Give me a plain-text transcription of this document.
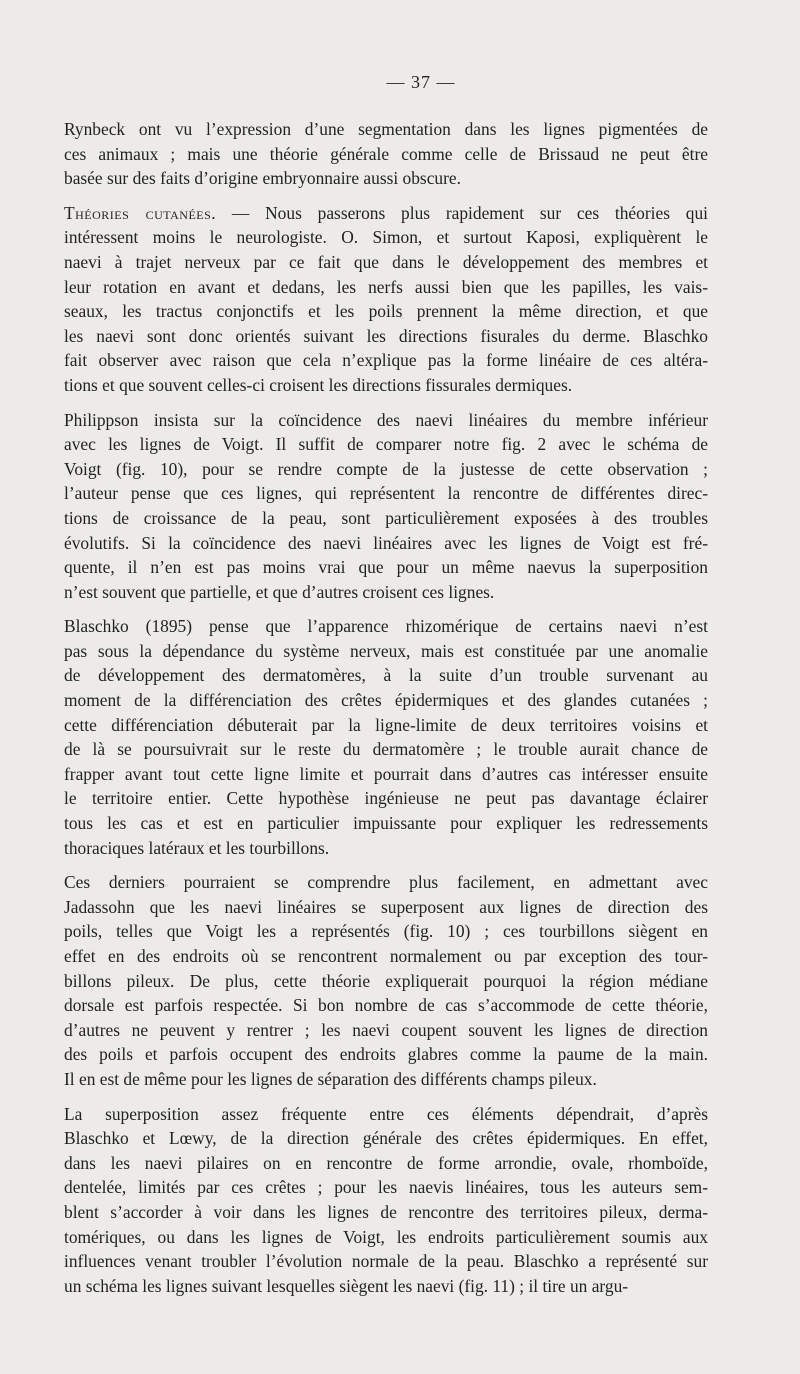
— 37 —
Rynbeck ont vu l’expression d’une segmentation dans les lignes pigmentées de
ces animaux ; mais une théorie générale comme celle de Brissaud ne peut être
basée sur des faits d’origine embryonnaire aussi obscure.
Théories cutanées. — Nous passerons plus rapidement sur ces théories qui
intéressent moins le neurologiste. O. Simon, et surtout Kaposi, expliquèrent le
naevi à trajet nerveux par ce fait que dans le développement des membres et
leur rotation en avant et dedans, les nerfs aussi bien que les papilles, les vais-
seaux, les tractus conjonctifs et les poils prennent la même direction, et que
les naevi sont donc orientés suivant les directions fisurales du derme. Blaschko
fait observer avec raison que cela n’explique pas la forme linéaire de ces altéra-
tions et que souvent celles-ci croisent les directions fissurales dermiques.
Philippson insista sur la coïncidence des naevi linéaires du membre inférieur
avec les lignes de Voigt. Il suffit de comparer notre fig. 2 avec le schéma de
Voigt (fig. 10), pour se rendre compte de la justesse de cette observation ;
l’auteur pense que ces lignes, qui représentent la rencontre de différentes direc-
tions de croissance de la peau, sont particulièrement exposées à des troubles
évolutifs. Si la coïncidence des naevi linéaires avec les lignes de Voigt est fré-
quente, il n’en est pas moins vrai que pour un même naevus la superposition
n’est souvent que partielle, et que d’autres croisent ces lignes.
Blaschko (1895) pense que l’apparence rhizomérique de certains naevi n’est
pas sous la dépendance du système nerveux, mais est constituée par une anomalie
de développement des dermatomères, à la suite d’un trouble survenant au
moment de la différenciation des crêtes épidermiques et des glandes cutanées ;
cette différenciation débuterait par la ligne-limite de deux territoires voisins et
de là se poursuivrait sur le reste du dermatomère ; le trouble aurait chance de
frapper avant tout cette ligne limite et pourrait dans d’autres cas intéresser ensuite
le territoire entier. Cette hypothèse ingénieuse ne peut pas davantage éclairer
tous les cas et est en particulier impuissante pour expliquer les redressements
thoraciques latéraux et les tourbillons.
Ces derniers pourraient se comprendre plus facilement, en admettant avec
Jadassohn que les naevi linéaires se superposent aux lignes de direction des
poils, telles que Voigt les a représentés (fig. 10) ; ces tourbillons siègent en
effet en des endroits où se rencontrent normalement ou par exception des tour-
billons pileux. De plus, cette théorie expliquerait pourquoi la région médiane
dorsale est parfois respectée. Si bon nombre de cas s’accommode de cette théorie,
d’autres ne peuvent y rentrer ; les naevi coupent souvent les lignes de direction
des poils et parfois occupent des endroits glabres comme la paume de la main.
Il en est de même pour les lignes de séparation des différents champs pileux.
La superposition assez fréquente entre ces éléments dépendrait, d’après
Blaschko et Lœwy, de la direction générale des crêtes épidermiques. En effet,
dans les naevi pilaires on en rencontre de forme arrondie, ovale, rhomboïde,
dentelée, limités par ces crêtes ; pour les naevis linéaires, tous les auteurs sem-
blent s’accorder à voir dans les lignes de rencontre des territoires pileux, derma-
tomériques, ou dans les lignes de Voigt, les endroits particulièrement soumis aux
influences venant troubler l’évolution normale de la peau. Blaschko a représenté sur
un schéma les lignes suivant lesquelles siègent les naevi (fig. 11) ; il tire un argu-
